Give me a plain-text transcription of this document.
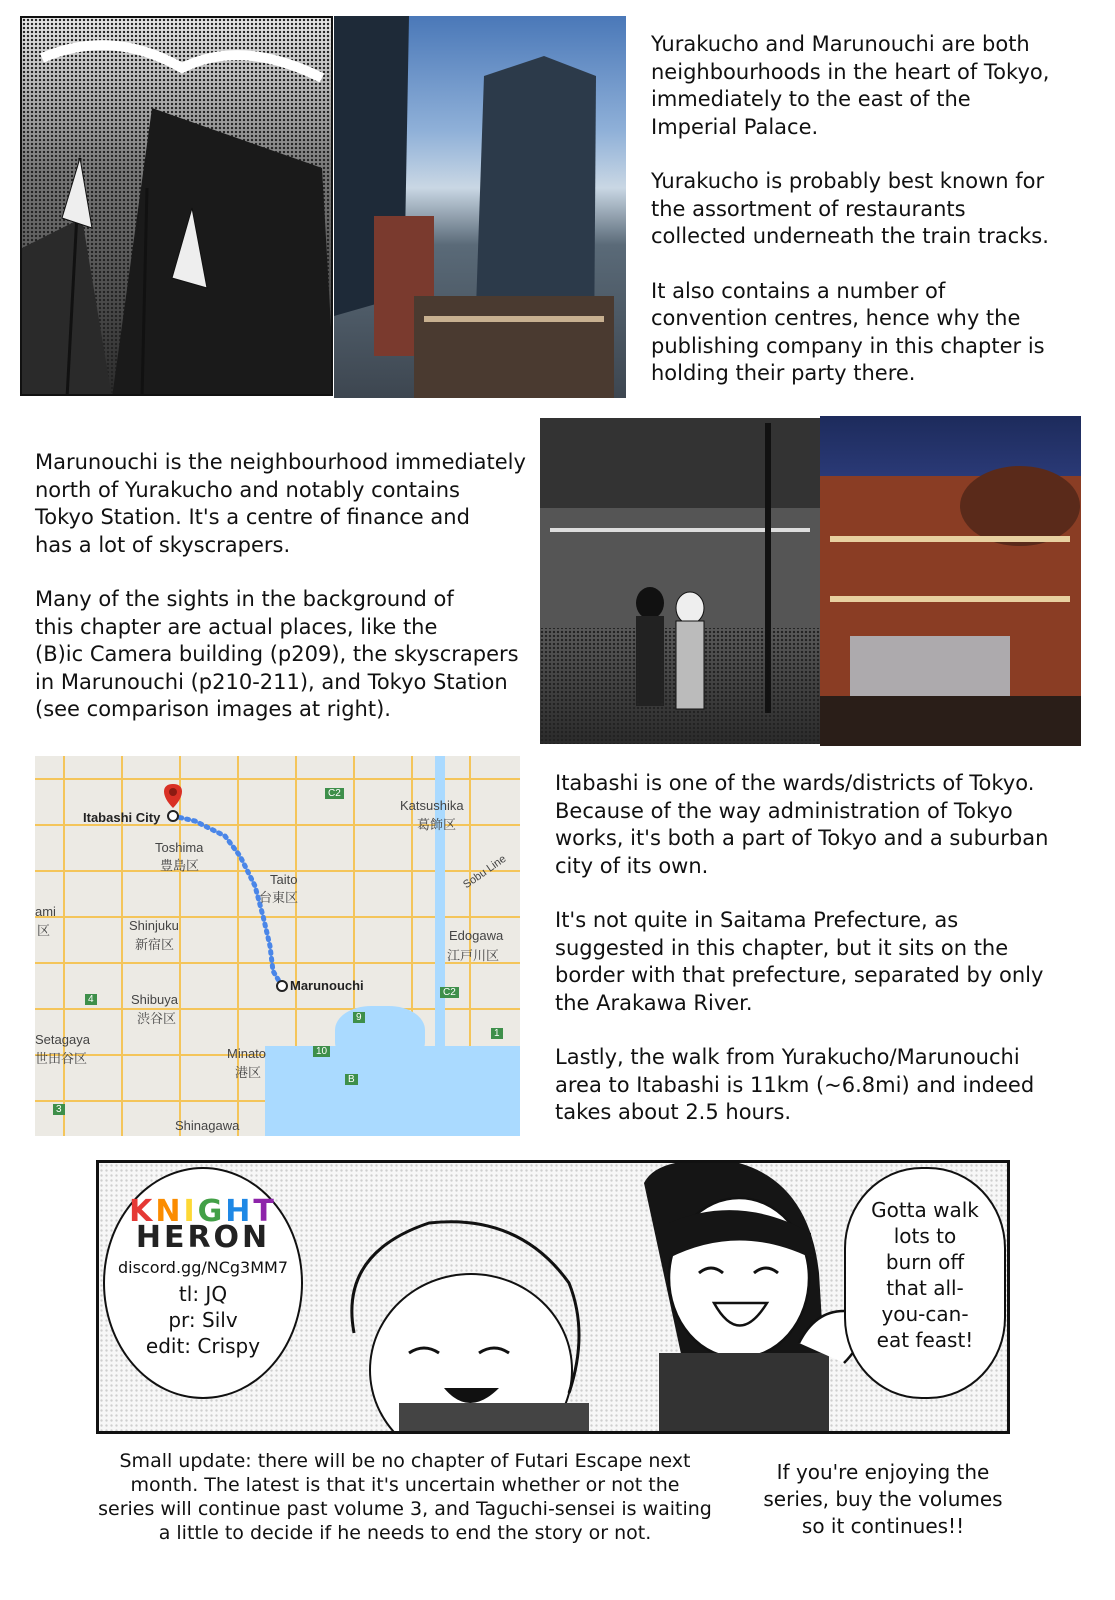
Yurakucho and Marunouchi are both
neighbourhoods in the heart of Tokyo,
immediately to the east of the
Imperial Palace.

Yurakucho is probably best known for
the assortment of restaurants
collected underneath the train tracks.

It also contains a number of
convention centres, hence why the
publishing company in this chapter is
holding their party there.

Marunouchi is the neighbourhood immediately
north of Yurakucho and notably contains
Tokyo Station. It's a centre of finance and
has a lot of skyscrapers.

Many of the sights in the background of
this chapter are actual places, like the
(B)ic Camera building (p209), the skyscrapers
in Marunouchi (p210-211), and Tokyo Station
(see comparison images at right).

Itabashi City
Toshima
豊島区
Taito
台東区
Katsushika
葛飾区
Sobu Line
ami
区	Shinjuku
新宿区
Edogawa
江戸川区
Marunouchi
Shibuya
渋谷区
Setagaya
世田谷区	Minato
港区
Shinagawa
C2
C2
4
9
10
B
3
1

Itabashi is one of the wards/districts of Tokyo.
Because of the way administration of Tokyo
works, it's both a part of Tokyo and a suburban
city of its own.

It's not quite in Saitama Prefecture, as
suggested in this chapter, but it sits on the
border with that prefecture, separated by only
the Arakawa River.

Lastly, the walk from Yurakucho/Marunouchi
area to Itabashi is 11km (~6.8mi) and indeed
takes about 2.5 hours.

KNIGHT
HERON
discord.gg/NCg3MM7
tl: JQ
pr: Silv
edit: Crispy
Gotta walk
lots to
burn off
that all-
you-can-
eat feast!
Small update: there will be no chapter of Futari Escape next
month. The latest is that it's uncertain whether or not the
series will continue past volume 3, and Taguchi-sensei is waiting
a little to decide if he needs to end the story or not.
If you're enjoying the
series, buy the volumes
so it continues!!
